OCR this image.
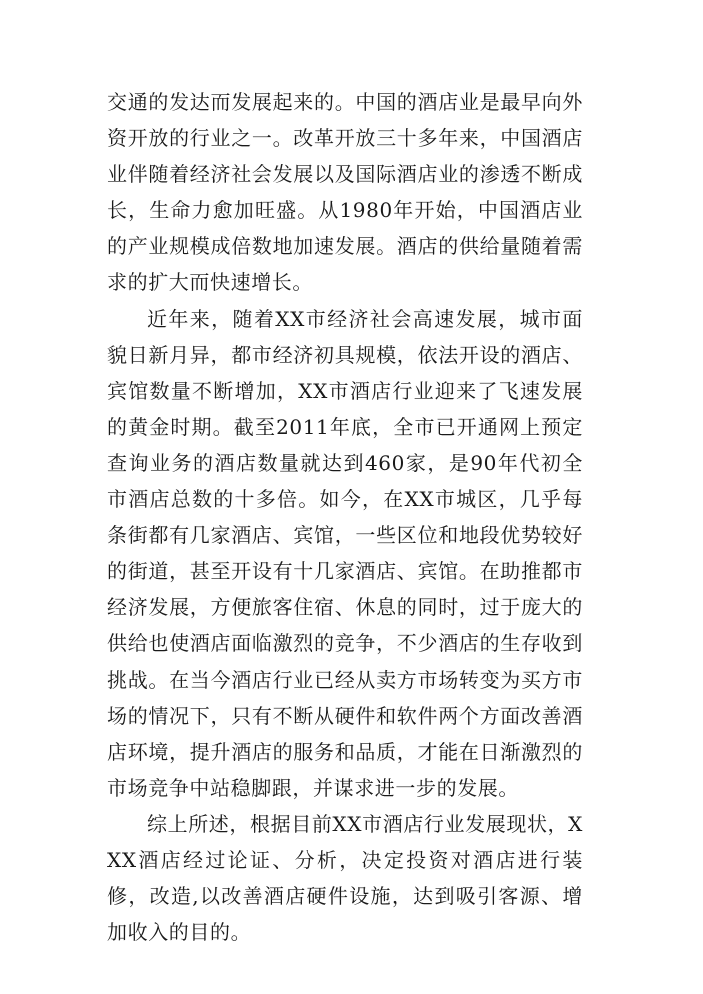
交通的发达而发展起来的。中国的酒店业是最早向外资开放的行业之一。改革开放三十多年来，中国酒店业伴随着经济社会发展以及国际酒店业的渗透不断成长，生命力愈加旺盛。从1980年开始，中国酒店业的产业规模成倍数地加速发展。酒店的供给量随着需求的扩大而快速增长。

近年来，随着XX市经济社会高速发展，城市面貌日新月异，都市经济初具规模，依法开设的酒店、宾馆数量不断增加，XX市酒店行业迎来了飞速发展的黄金时期。截至2011年底，全市已开通网上预定查询业务的酒店数量就达到460家，是90年代初全市酒店总数的十多倍。如今，在XX市城区，几乎每条街都有几家酒店、宾馆，一些区位和地段优势较好的街道，甚至开设有十几家酒店、宾馆。在助推都市经济发展，方便旅客住宿、休息的同时，过于庞大的供给也使酒店面临激烈的竞争，不少酒店的生存收到挑战。在当今酒店行业已经从卖方市场转变为买方市场的情况下，只有不断从硬件和软件两个方面改善酒店环境，提升酒店的服务和品质，才能在日渐激烈的市场竞争中站稳脚跟，并谋求进一步的发展。

综上所述，根据目前XX市酒店行业发展现状，XXX酒店经过论证、分析，决定投资对酒店进行装修，改造,以改善酒店硬件设施，达到吸引客源、增加收入的目的。
